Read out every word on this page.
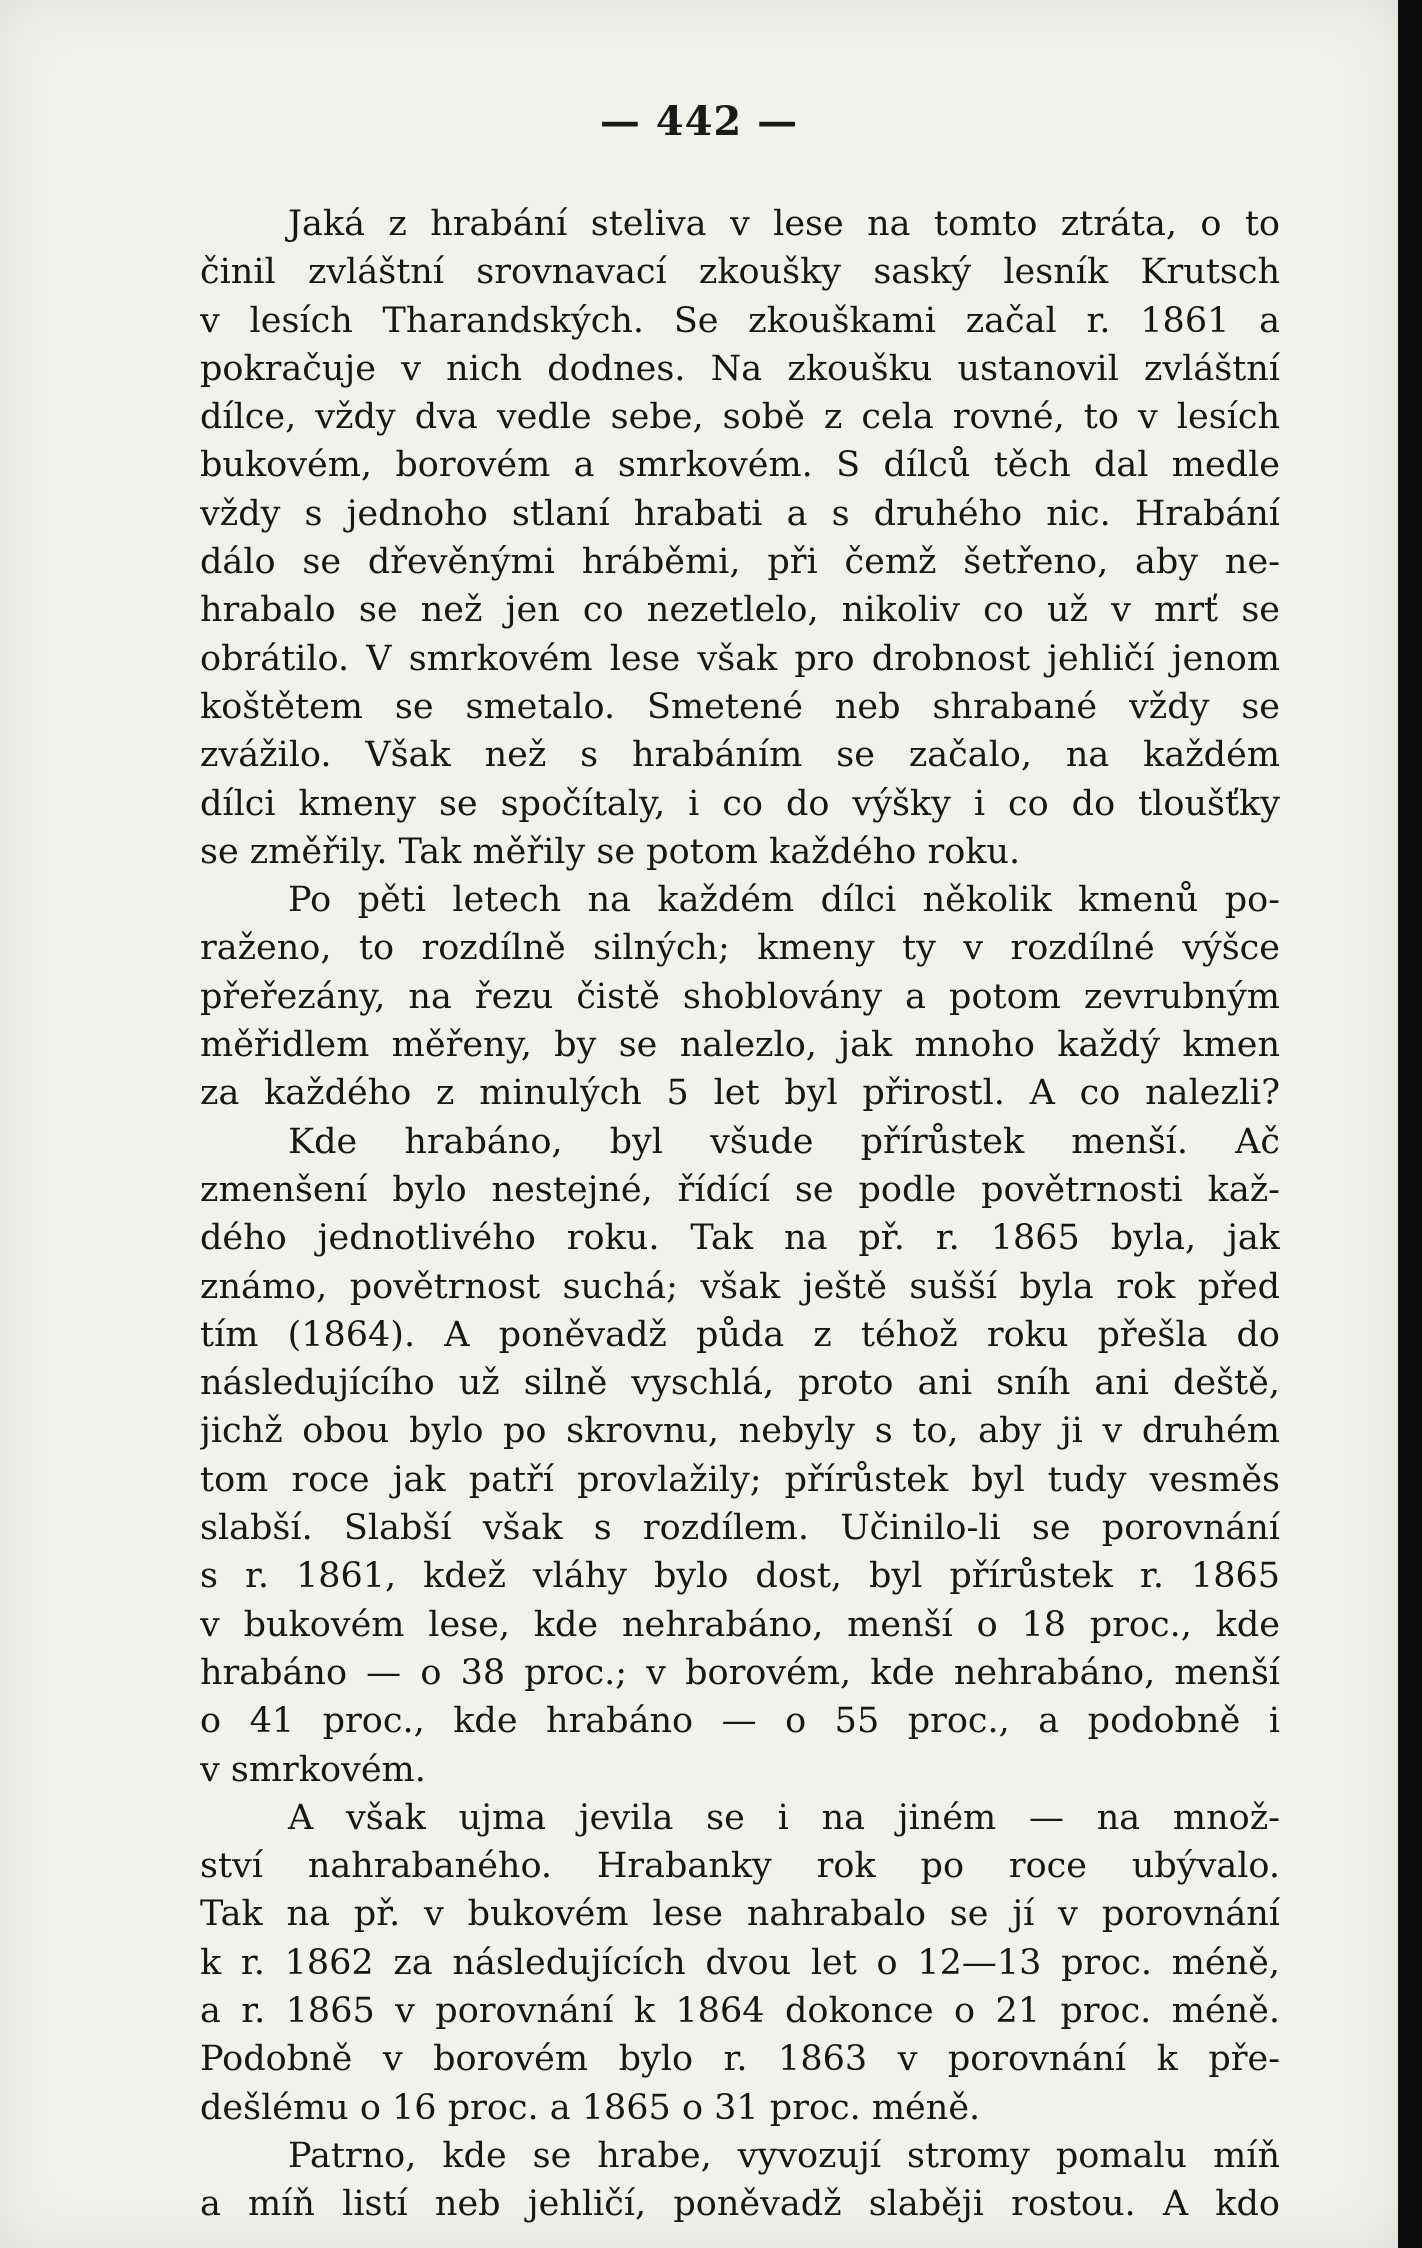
— 442 —
Jaká z hrabání steliva v lese na tomto ztráta, o to
činil zvláštní srovnavací zkoušky saský lesník Krutsch
v lesích Tharandských. Se zkouškami začal r. 1861 a
pokračuje v nich dodnes. Na zkoušku ustanovil zvláštní
dílce, vždy dva vedle sebe, sobě z cela rovné, to v lesích
bukovém, borovém a smrkovém. S dílců těch dal medle
vždy s jednoho stlaní hrabati a s druhého nic. Hrabání
dálo se dřevěnými hráběmi, při čemž šetřeno, aby ne-
hrabalo se než jen co nezetlelo, nikoliv co už v mrť se
obrátilo. V smrkovém lese však pro drobnost jehličí jenom
koštětem se smetalo. Smetené neb shrabané vždy se
zvážilo. Však než s hrabáním se začalo, na každém
dílci kmeny se spočítaly, i co do výšky i co do tloušťky
se změřily. Tak měřily se potom každého roku.
Po pěti letech na každém dílci několik kmenů po-
raženo, to rozdílně silných; kmeny ty v rozdílné výšce
přeřezány, na řezu čistě shoblovány a potom zevrubným
měřidlem měřeny, by se nalezlo, jak mnoho každý kmen
za každého z minulých 5 let byl přirostl. A co nalezli?
Kde hrabáno, byl všude přírůstek menší. Ač
zmenšení bylo nestejné, řídící se podle povětrnosti kaž-
dého jednotlivého roku. Tak na př. r. 1865 byla, jak
známo, povětrnost suchá; však ještě sušší byla rok před
tím (1864). A poněvadž půda z téhož roku přešla do
následujícího už silně vyschlá, proto ani sníh ani deště,
jichž obou bylo po skrovnu, nebyly s to, aby ji v druhém
tom roce jak patří provlažily; přírůstek byl tudy vesměs
slabší. Slabší však s rozdílem. Učinilo-li se porovnání
s r. 1861, kdež vláhy bylo dost, byl přírůstek r. 1865
v bukovém lese, kde nehrabáno, menší o 18 proc., kde
hrabáno — o 38 proc.; v borovém, kde nehrabáno, menší
o 41 proc., kde hrabáno — o 55 proc., a podobně i
v smrkovém.
A však ujma jevila se i na jiném — na množ-
ství nahrabaného. Hrabanky rok po roce ubývalo.
Tak na př. v bukovém lese nahrabalo se jí v porovnání
k r. 1862 za následujících dvou let o 12—13 proc. méně,
a r. 1865 v porovnání k 1864 dokonce o 21 proc. méně.
Podobně v borovém bylo r. 1863 v porovnání k pře-
dešlému o 16 proc. a 1865 o 31 proc. méně.
Patrno, kde se hrabe, vyvozují stromy pomalu míň
a míň listí neb jehličí, poněvadž slaběji rostou. A kdo
